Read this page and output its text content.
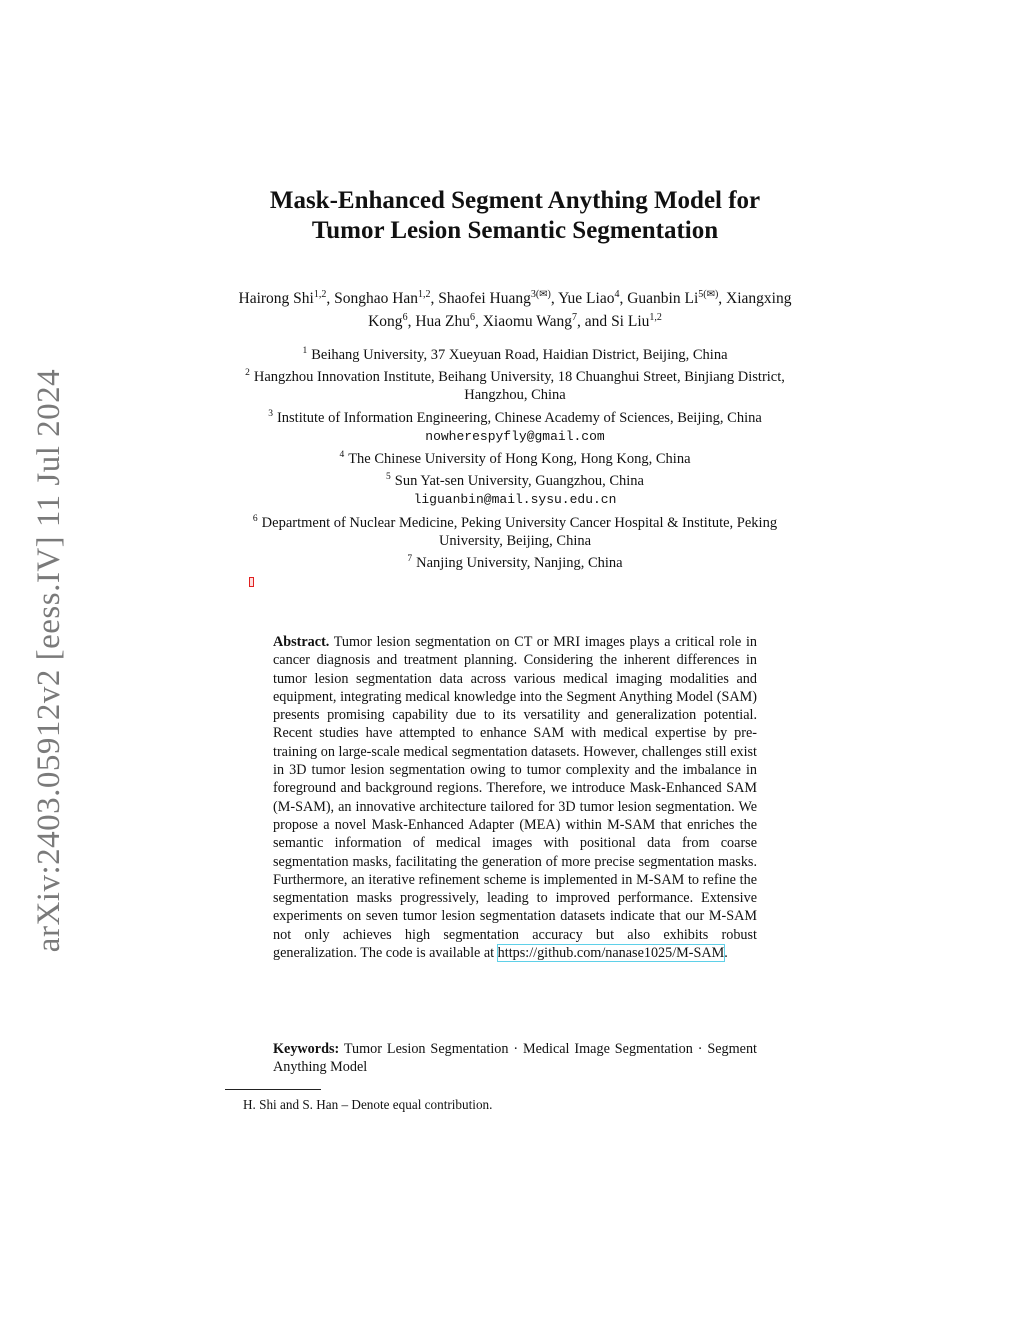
arXiv:2403.05912v2 [eess.IV] 11 Jul 2024
Mask-Enhanced Segment Anything Model for
Tumor Lesion Semantic Segmentation
Hairong Shi$^{1,2}$, Songhao Han$^{1,2}$, Shaofei Huang$^{3(✉)}$, Yue Liao$^4$, Guanbin $Li^{5(✉)}$, Xiangxing Kong$^6$, Hua Zhu$^6$, Xiaomu Wang$^7$, and Si Liu$^{1,2}$
$^1$ Beihang University, 37 Xueyuan Road, Haidian District, Beijing, China
$^2$ Hangzhou Innovation Institute, Beihang University, 18 Chuanghui Street, Binjiang District, Hangzhou, China
$^3$ Institute of Information Engineering, Chinese Academy of Sciences, Beijing, China
nowherespyfly@gmail.com
$^4$ The Chinese University of Hong Kong, Hong Kong, China
$^5$ Sun Yat-sen University, Guangzhou, China
liguanbin@mail.sysu.edu.cn
$^6$ Department of Nuclear Medicine, Peking University Cancer Hospital & Institute, Peking University, Beijing, China
$^7$ Nanjing University, Nanjing, China
Abstract. Tumor lesion segmentation on CT or MRI images plays a critical role in cancer diagnosis and treatment planning. Considering the inherent differences in tumor lesion segmentation data across various medical imaging modalities and equipment, integrating medical knowledge into the Segment Anything Model (SAM) presents promising capability due to its versatility and generalization potential. Recent studies have attempted to enhance SAM with medical expertise by pre-training on large-scale medical segmentation datasets. However, challenges still exist in 3D tumor lesion segmentation owing to tumor complexity and the imbalance in foreground and background regions. Therefore, we introduce Mask-Enhanced SAM (M-SAM), an innovative architecture tailored for 3D tumor lesion segmentation. We propose a novel Mask-Enhanced Adapter (MEA) within M-SAM that enriches the semantic information of medical images with positional data from coarse segmentation masks, facilitating the generation of more precise segmentation masks. Furthermore, an iterative refinement scheme is implemented in M-SAM to refine the segmentation masks progressively, leading to improved performance. Extensive experiments on seven tumor lesion segmentation datasets indicate that our M-SAM not only achieves high segmentation accuracy but also exhibits robust generalization. The code is available at https://github.com/nanase1025/M-SAM.
Keywords: Tumor Lesion Segmentation · Medical Image Segmentation · Segment Anything Model
H. Shi and S. Han – Denote equal contribution.
